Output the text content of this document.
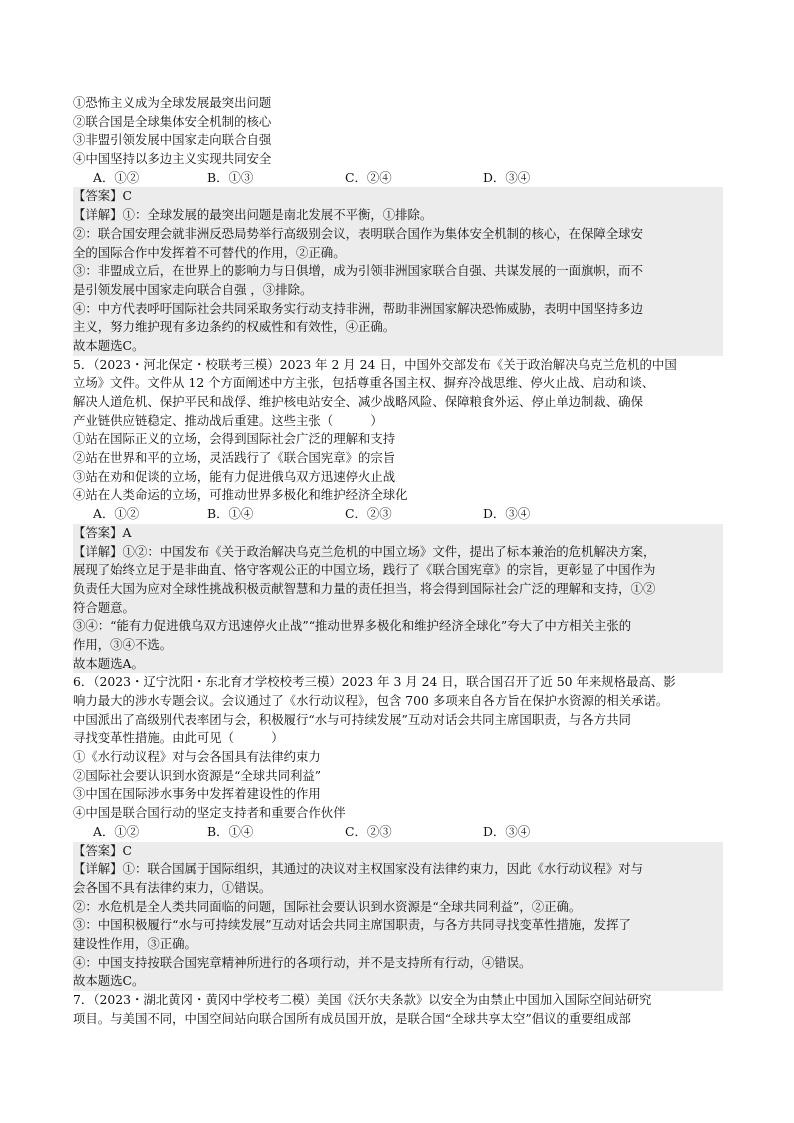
①恐怖主义成为全球发展最突出问题
②联合国是全球集体安全机制的核心
③非盟引领发展中国家走向联合自强
④中国坚持以多边主义实现共同安全
A．①②	B．①③	C．②④	D．③④
【答案】C
【详解】①：全球发展的最突出问题是南北发展不平衡，①排除。
②：联合国安理会就非洲反恐局势举行高级别会议，表明联合国作为集体安全机制的核心，在保障全球安
全的国际合作中发挥着不可替代的作用，②正确。
③：非盟成立后，在世界上的影响力与日俱增，成为引领非洲国家联合自强、共谋发展的一面旗帜，而不
是引领发展中国家走向联合自强 ，③排除。
④：中方代表呼吁国际社会共同采取务实行动支持非洲，帮助非洲国家解决恐怖威胁，表明中国坚持多边
主义，努力维护现有多边条约的权威性和有效性，④正确。
故本题选C。
5．（2023・河北保定・校联考三模）2023 年 2 月 24 日，中国外交部发布《关于政治解决乌克兰危机的中国
立场》文件。文件从 12 个方面阐述中方主张，包括尊重各国主权、摒弃冷战思维、停火止战、启动和谈、
解决人道危机、保护平民和战俘、维护核电站安全、减少战略风险、保障粮食外运、停止单边制裁、确保
产业链供应链稳定、推动战后重建。这些主张（　　　）
①站在国际正义的立场，会得到国际社会广泛的理解和支持
②站在世界和平的立场，灵活践行了《联合国宪章》的宗旨
③站在劝和促谈的立场，能有力促进俄乌双方迅速停火止战
④站在人类命运的立场，可推动世界多极化和维护经济全球化
A．①②	B．①④	C．②③	D．③④
【答案】A
【详解】①②：中国发布《关于政治解决乌克兰危机的中国立场》文件，提出了标本兼治的危机解决方案，
展现了始终立足于是非曲直、恪守客观公正的中国立场，践行了《联合国宪章》的宗旨，更彰显了中国作为
负责任大国为应对全球性挑战积极贡献智慧和力量的责任担当，将会得到国际社会广泛的理解和支持，①②
符合题意。
③④：“能有力促进俄乌双方迅速停火止战”“推动世界多极化和维护经济全球化”夸大了中方相关主张的
作用，③④不选。
故本题选A。
6．（2023・辽宁沈阳・东北育才学校校考三模）2023 年 3 月 24 日，联合国召开了近 50 年来规格最高、影
响力最大的涉水专题会议。会议通过了《水行动议程》，包含 700 多项来自各方旨在保护水资源的相关承诺。
中国派出了高级别代表率团与会，积极履行“水与可持续发展”互动对话会共同主席国职责，与各方共同
寻找变革性措施。由此可见（　　　）
①《水行动议程》对与会各国具有法律约束力
②国际社会要认识到水资源是“全球共同利益”
③中国在国际涉水事务中发挥着建设性的作用
④中国是联合国行动的坚定支持者和重要合作伙伴
A．①②	B．①④	C．②③	D．③④
【答案】C
【详解】①：联合国属于国际组织，其通过的决议对主权国家没有法律约束力，因此《水行动议程》对与
会各国不具有法律约束力，①错误。
②：水危机是全人类共同面临的问题，国际社会要认识到水资源是“全球共同利益”，②正确。
③：中国积极履行“水与可持续发展”互动对话会共同主席国职责，与各方共同寻找变革性措施，发挥了
建设性作用，③正确。
④：中国支持按联合国宪章精神所进行的各项行动，并不是支持所有行动，④错误。
故本题选C。
7．（2023・湖北黄冈・黄冈中学校考二模）美国《沃尔夫条款》以安全为由禁止中国加入国际空间站研究
项目。与美国不同，中国空间站向联合国所有成员国开放，是联合国“全球共享太空”倡议的重要组成部
